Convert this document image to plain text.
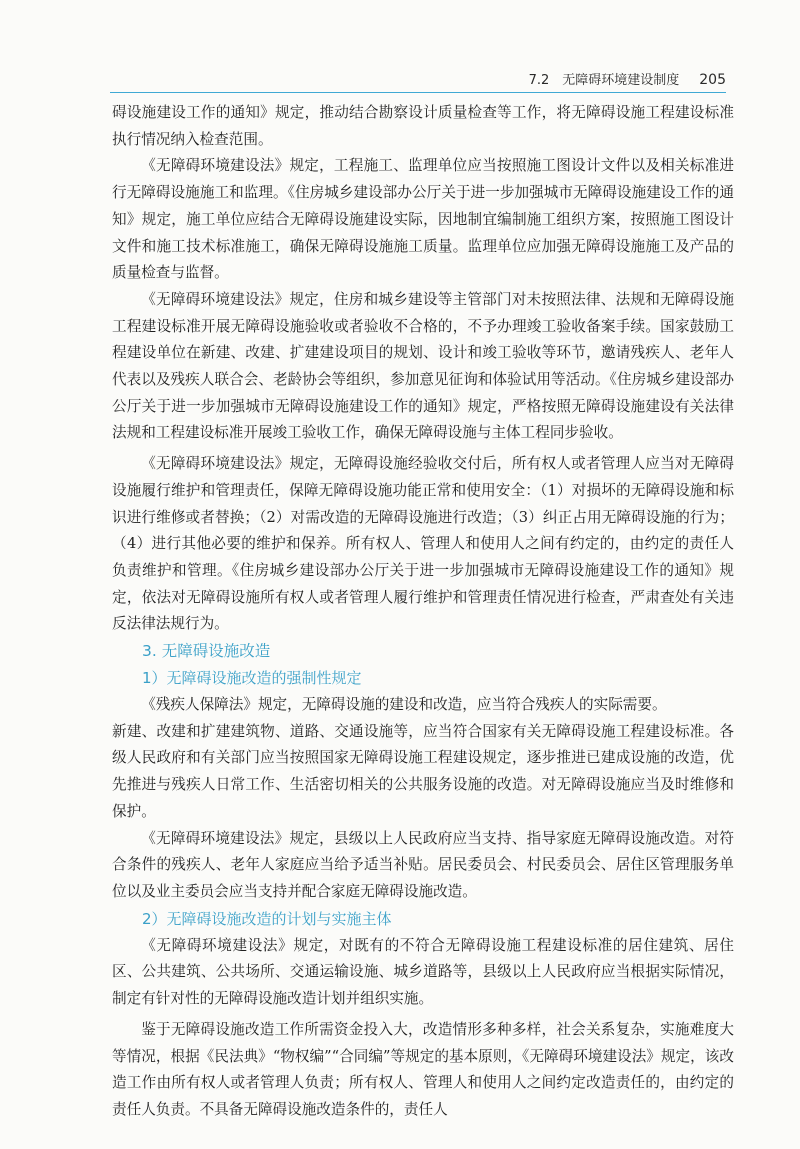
7.2　无障碍环境建设制度 205

碍设施建设工作的通知》规定，推动结合勘察设计质量检查等工作，将无障碍设施工程建设标准执行情况纳入检查范围。

《无障碍环境建设法》规定，工程施工、监理单位应当按照施工图设计文件以及相关标准进行无障碍设施施工和监理。《住房城乡建设部办公厅关于进一步加强城市无障碍设施建设工作的通知》规定，施工单位应结合无障碍设施建设实际，因地制宜编制施工组织方案，按照施工图设计文件和施工技术标准施工，确保无障碍设施施工质量。监理单位应加强无障碍设施施工及产品的质量检查与监督。

《无障碍环境建设法》规定，住房和城乡建设等主管部门对未按照法律、法规和无障碍设施工程建设标准开展无障碍设施验收或者验收不合格的，不予办理竣工验收备案手续。国家鼓励工程建设单位在新建、改建、扩建建设项目的规划、设计和竣工验收等环节，邀请残疾人、老年人代表以及残疾人联合会、老龄协会等组织，参加意见征询和体验试用等活动。《住房城乡建设部办公厅关于进一步加强城市无障碍设施建设工作的通知》规定，严格按照无障碍设施建设有关法律法规和工程建设标准开展竣工验收工作，确保无障碍设施与主体工程同步验收。

《无障碍环境建设法》规定，无障碍设施经验收交付后，所有权人或者管理人应当对无障碍设施履行维护和管理责任，保障无障碍设施功能正常和使用安全：（1）对损坏的无障碍设施和标识进行维修或者替换；（2）对需改造的无障碍设施进行改造；（3）纠正占用无障碍设施的行为；（4）进行其他必要的维护和保养。所有权人、管理人和使用人之间有约定的，由约定的责任人负责维护和管理。《住房城乡建设部办公厅关于进一步加强城市无障碍设施建设工作的通知》规定，依法对无障碍设施所有权人或者管理人履行维护和管理责任情况进行检查，严肃查处有关违反法律法规行为。

3. 无障碍设施改造
1）无障碍设施改造的强制性规定

《残疾人保障法》规定，无障碍设施的建设和改造，应当符合残疾人的实际需要。

新建、改建和扩建建筑物、道路、交通设施等，应当符合国家有关无障碍设施工程建设标准。各级人民政府和有关部门应当按照国家无障碍设施工程建设规定，逐步推进已建成设施的改造，优先推进与残疾人日常工作、生活密切相关的公共服务设施的改造。对无障碍设施应当及时维修和保护。

《无障碍环境建设法》规定，县级以上人民政府应当支持、指导家庭无障碍设施改造。对符合条件的残疾人、老年人家庭应当给予适当补贴。居民委员会、村民委员会、居住区管理服务单位以及业主委员会应当支持并配合家庭无障碍设施改造。

2）无障碍设施改造的计划与实施主体

《无障碍环境建设法》规定，对既有的不符合无障碍设施工程建设标准的居住建筑、居住区、公共建筑、公共场所、交通运输设施、城乡道路等，县级以上人民政府应当根据实际情况，制定有针对性的无障碍设施改造计划并组织实施。

鉴于无障碍设施改造工作所需资金投入大，改造情形多种多样，社会关系复杂，实施难度大等情况，根据《民法典》“物权编”“合同编”等规定的基本原则，《无障碍环境建设法》规定，该改造工作由所有权人或者管理人负责；所有权人、管理人和使用人之间约定改造责任的，由约定的责任人负责。不具备无障碍设施改造条件的，责任人
